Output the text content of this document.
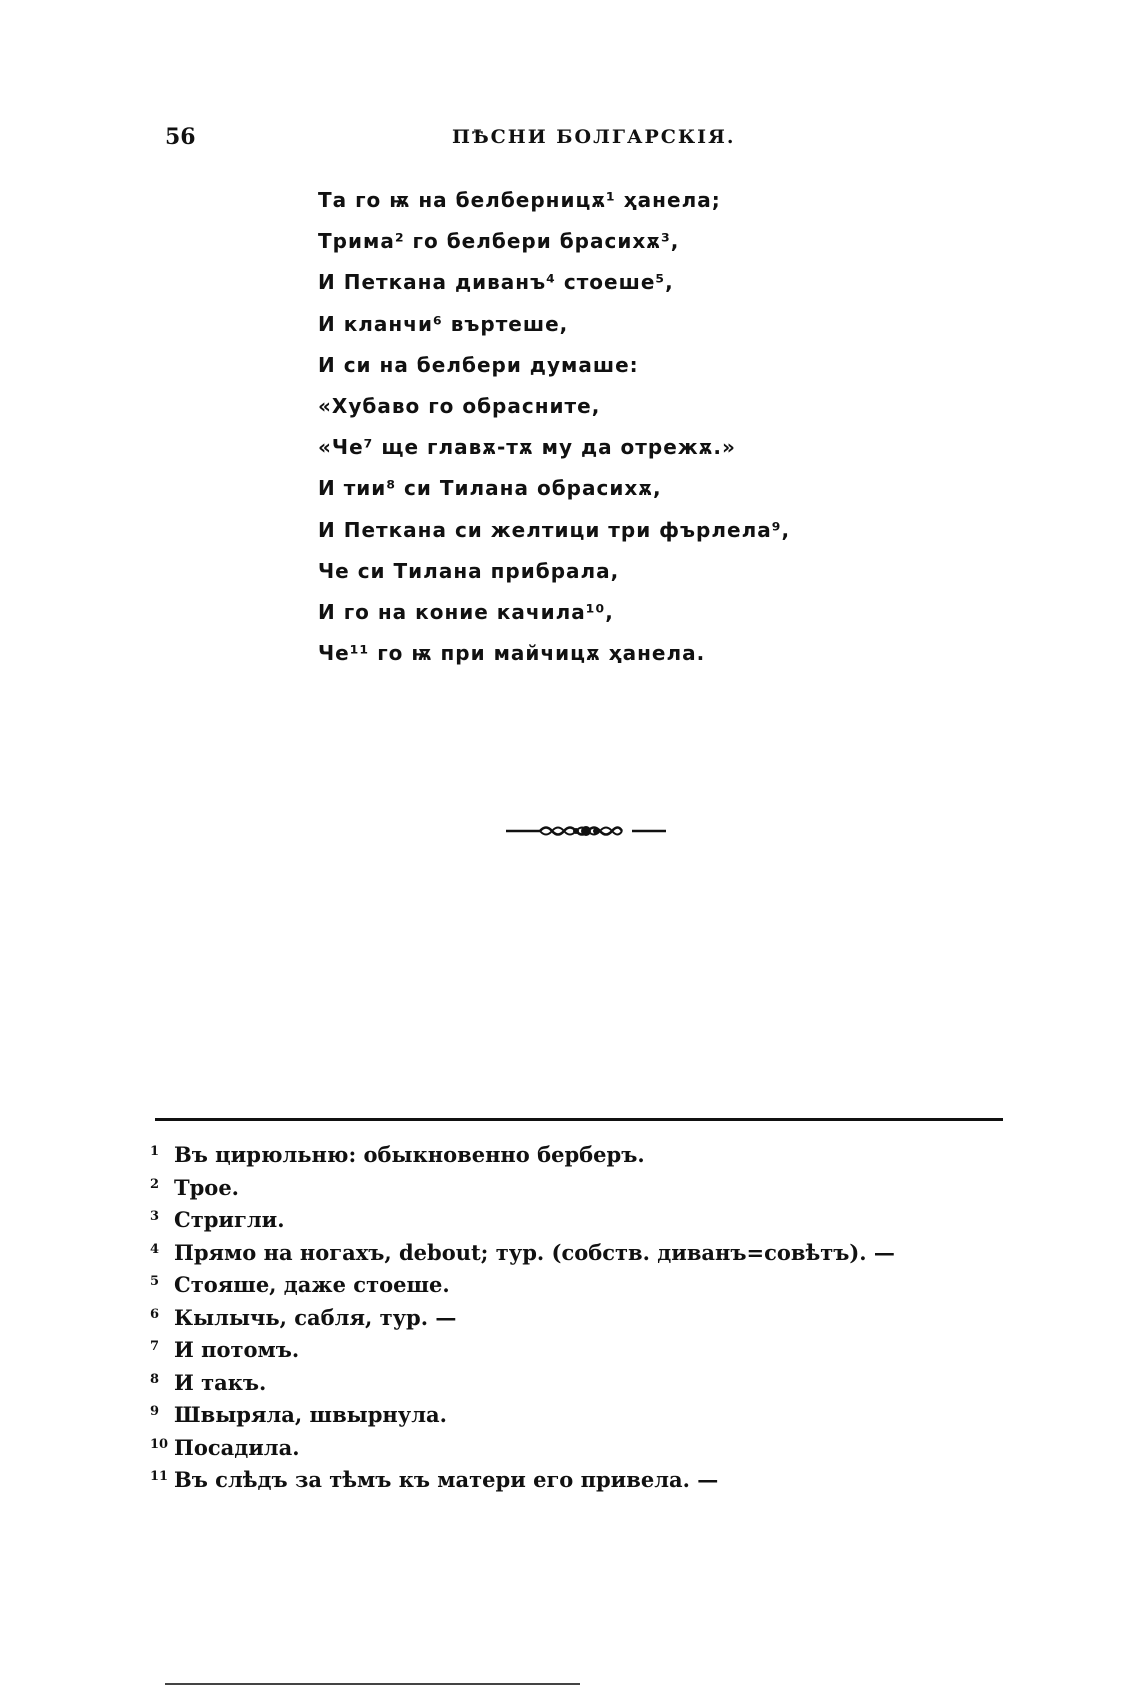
56	ПѢСНИ БОЛГАРСКIЯ.
Та го ѭ на белберницѫ¹ ҳанела;
Трима² го белбери брасихѫ³,
И Петкана диванъ⁴ стоеше⁵,
И кланчи⁶ въртеше,
И си на белбери думаше:
«Хубаво го обрасните,
«Че⁷ ще главѫ-тѫ му да отрежѫ.»
И тии⁸ си Тилана обрасихѫ,
И Петкана си желтици три фърлела⁹,
Че си Тилана прибрала,
И го на коние качила¹⁰,
Че¹¹ го ѭ при майчицѫ ҳанела.
1 Въ цирюльню: обыкновенно берберъ.
2 Трое.
3 Стригли.
4 Прямо на ногахъ, debout; тур. (собств. диванъ=совѣтъ). —
5 Стояше, даже стоеше.
6 Кылычь, сабля, тур. —
7 И потомъ.
8 И такъ.
9 Швыряла, швырнула.
10 Посадила.
11 Въ слѣдъ за тѣмъ къ матери его привела. —
